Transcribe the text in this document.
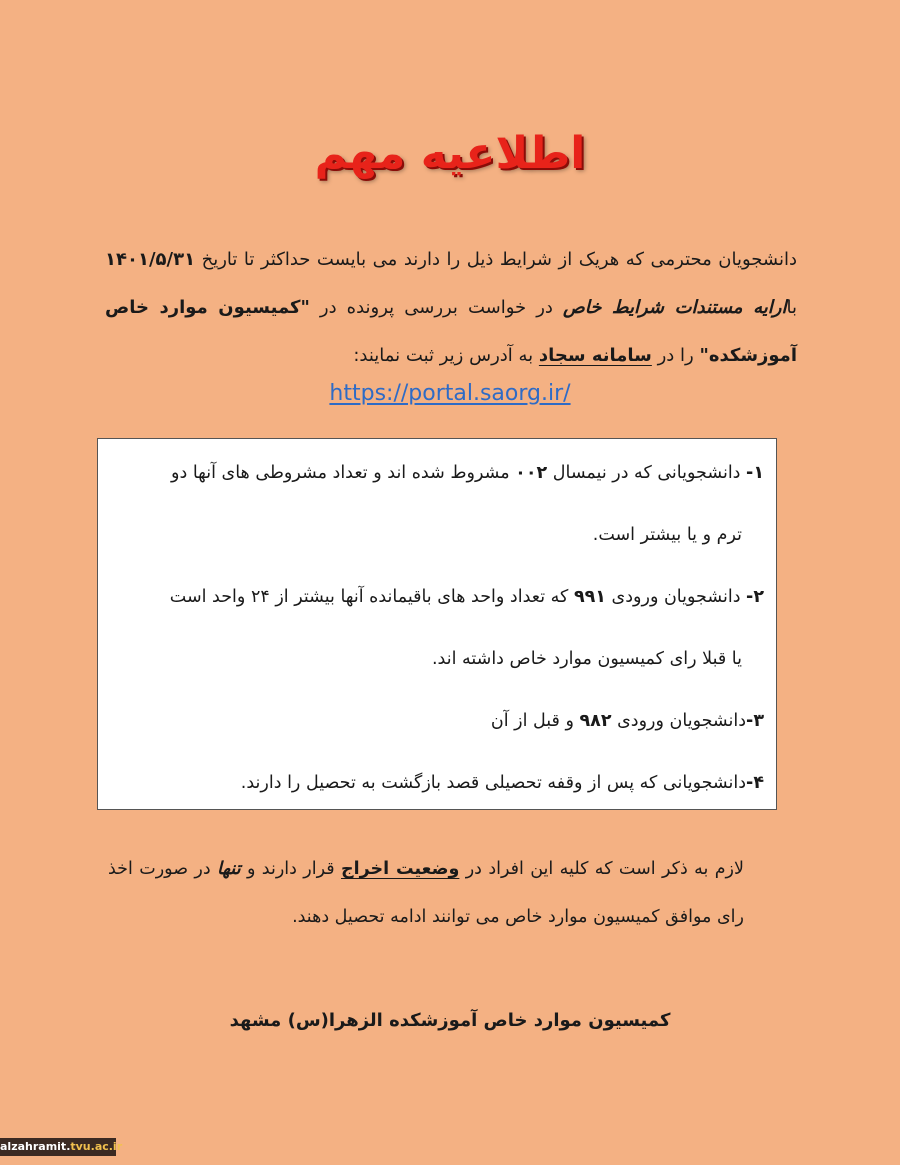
اطلاعیه مهم
دانشجویان محترمی که هریک از شرایط ذیل را دارند می بایست حداکثر تا تاریخ ۱۴۰۱/۵/۳۱ باارایه مستندات شرایط خاص در خواست بررسی پرونده در "کمیسیون موارد خاص آموزشکده" را در سامانه سجاد به آدرس زیر ثبت نمایند:
https://portal.saorg.ir/
۱- دانشجویانی که در نیمسال ۰۰۲ مشروط شده اند و تعداد مشروطی های آنها دو
ترم و یا بیشتر است.
۲- دانشجویان ورودی ۹۹۱ که تعداد واحد های باقیمانده آنها بیشتر از ۲۴ واحد است
یا قبلا رای کمیسیون موارد خاص داشته اند.
۳-دانشجویان ورودی ۹۸۲ و قبل از آن
۴-دانشجویانی که پس از وقفه تحصیلی قصد بازگشت به تحصیل را دارند.
لازم به ذکر است که کلیه این افراد در وضعیت اخراج قرار دارند و تنها در صورت اخذ رای موافق کمیسیون موارد خاص می توانند ادامه تحصیل دهند.
کمیسیون موارد خاص آموزشکده الزهرا(س) مشهد
alzahramit.tvu.ac.ir
